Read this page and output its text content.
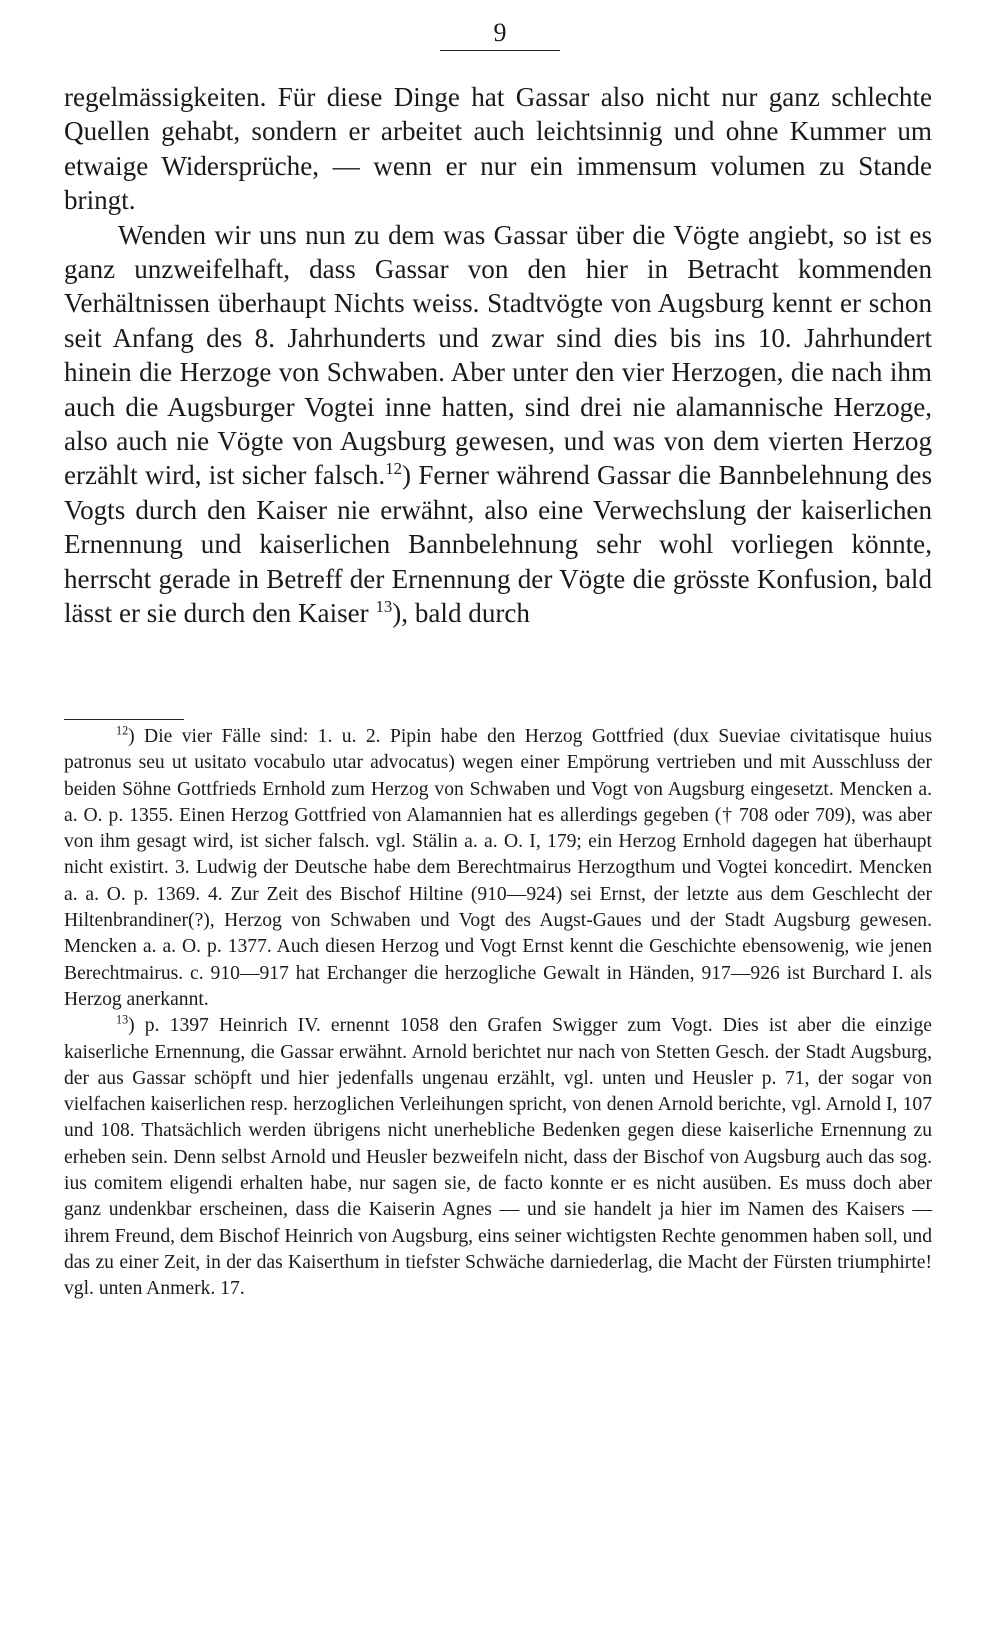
9

regelmässigkeiten. Für diese Dinge hat Gassar also nicht nur ganz schlechte Quellen gehabt, sondern er arbeitet auch leichtsinnig und ohne Kummer um etwaige Widersprüche, — wenn er nur ein immensum volumen zu Stande bringt.

Wenden wir uns nun zu dem was Gassar über die Vögte angiebt, so ist es ganz unzweifelhaft, dass Gassar von den hier in Betracht kommenden Verhältnissen überhaupt Nichts weiss. Stadtvögte von Augsburg kennt er schon seit Anfang des 8. Jahrhunderts und zwar sind dies bis ins 10. Jahrhundert hinein die Herzoge von Schwaben. Aber unter den vier Herzogen, die nach ihm auch die Augsburger Vogtei inne hatten, sind drei nie alamannische Herzoge, also auch nie Vögte von Augsburg gewesen, und was von dem vierten Herzog erzählt wird, ist sicher falsch.$^{12}$) Ferner während Gassar die Bannbelehnung des Vogts durch den Kaiser nie erwähnt, also eine Verwechslung der kaiserlichen Ernennung und kaiserlichen Bannbelehnung sehr wohl vorliegen könnte, herrscht gerade in Betreff der Ernennung der Vögte die grösste Konfusion, bald lässt er sie durch den Kaiser $^{13}$), bald durch

$^{12}$) Die vier Fälle sind: 1. u. 2. Pipin habe den Herzog Gottfried (dux Sueviae civitatisque huius patronus seu ut usitato vocabulo utar advocatus) wegen einer Empörung vertrieben und mit Ausschluss der beiden Söhne Gottfrieds Ernhold zum Herzog von Schwaben und Vogt von Augsburg eingesetzt. Mencken a. a. O. p. 1355. Einen Herzog Gottfried von Alamannien hat es allerdings gegeben († 708 oder 709), was aber von ihm gesagt wird, ist sicher falsch. vgl. Stälin a. a. O. I, 179; ein Herzog Ernhold dagegen hat überhaupt nicht existirt. 3. Ludwig der Deutsche habe dem Berechtmairus Herzogthum und Vogtei koncedirt. Mencken a. a. O. p. 1369. 4. Zur Zeit des Bischof Hiltine (910—924) sei Ernst, der letzte aus dem Geschlecht der Hiltenbrandiner(?), Herzog von Schwaben und Vogt des Augst-Gaues und der Stadt Augsburg gewesen. Mencken a. a. O. p. 1377. Auch diesen Herzog und Vogt Ernst kennt die Geschichte ebensowenig, wie jenen Berechtmairus. c. 910—917 hat Erchanger die herzogliche Gewalt in Händen, 917—926 ist Burchard I. als Herzog anerkannt.

$^{13}$) p. 1397 Heinrich IV. ernennt 1058 den Grafen Swigger zum Vogt. Dies ist aber die einzige kaiserliche Ernennung, die Gassar erwähnt. Arnold berichtet nur nach von Stetten Gesch. der Stadt Augsburg, der aus Gassar schöpft und hier jedenfalls ungenau erzählt, vgl. unten und Heusler p. 71, der sogar von vielfachen kaiserlichen resp. herzoglichen Verleihungen spricht, von denen Arnold berichte, vgl. Arnold I, 107 und 108. Thatsächlich werden übrigens nicht unerhebliche Bedenken gegen diese kaiserliche Ernennung zu erheben sein. Denn selbst Arnold und Heusler bezweifeln nicht, dass der Bischof von Augsburg auch das sog. ius comitem eligendi erhalten habe, nur sagen sie, de facto konnte er es nicht ausüben. Es muss doch aber ganz undenkbar erscheinen, dass die Kaiserin Agnes — und sie handelt ja hier im Namen des Kaisers — ihrem Freund, dem Bischof Heinrich von Augsburg, eins seiner wichtigsten Rechte genommen haben soll, und das zu einer Zeit, in der das Kaiserthum in tiefster Schwäche darniederlag, die Macht der Fürsten triumphirte! vgl. unten Anmerk. 17.
